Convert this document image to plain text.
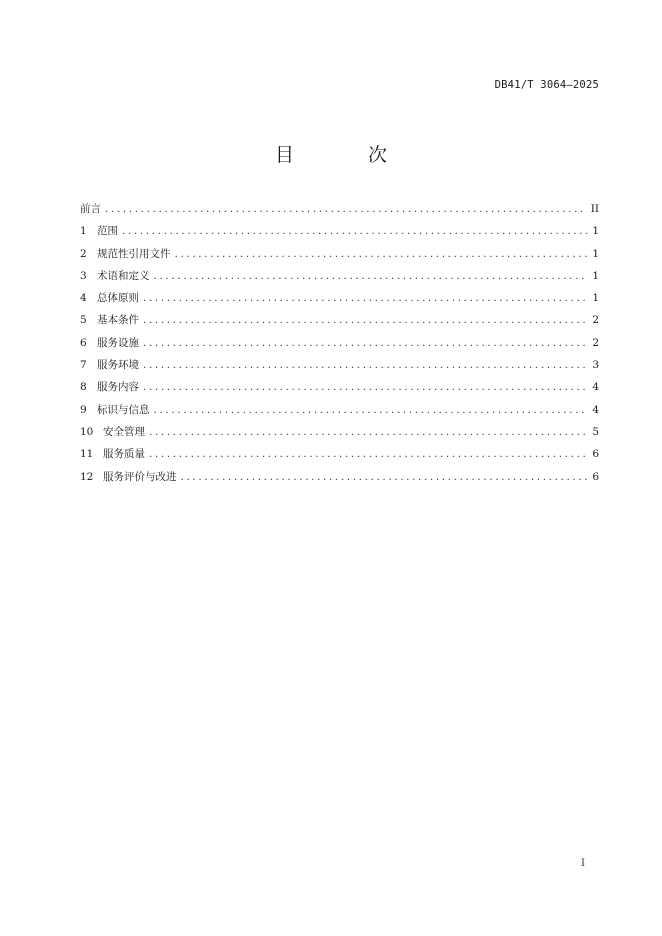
DB41/T 3064—2025
目 次
前言 .....	II
1 范围 .....	1
2 规范性引用文件 .....	1
3 术语和定义 .....	1
4 总体原则 .....	1
5 基本条件 .....	2
6 服务设施 .....	2
7 服务环境 .....	3
8 服务内容 .....	4
9 标识与信息 .....	4
10 安全管理 .....	5
11 服务质量 .....	6
12 服务评价与改进 .....	6
I
